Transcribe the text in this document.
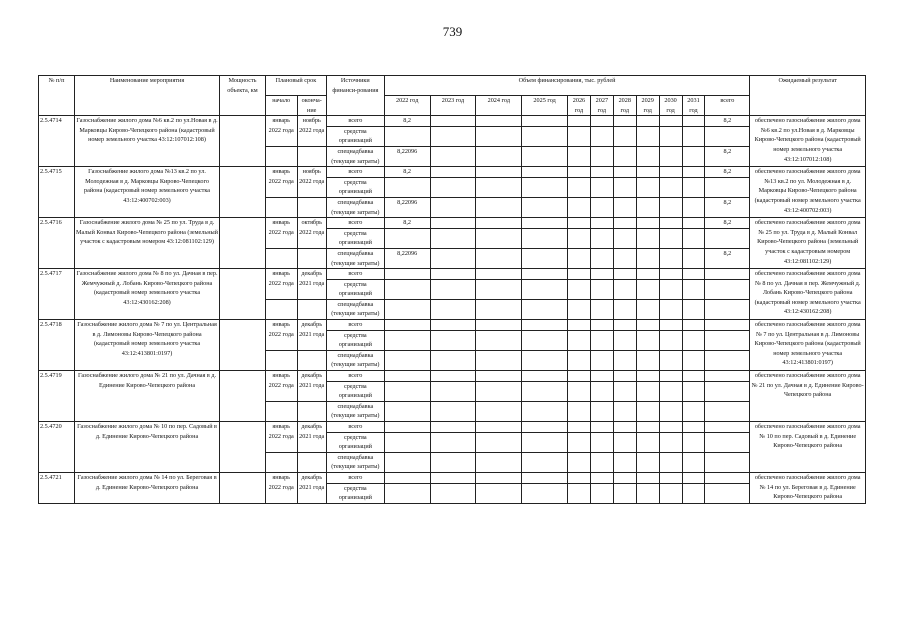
739
№ п/п	Наименование мероприятия	Мощность объекта, км	Плановый срок		Источники финанси-рования	Объем финансирования, тыс. рублей											Ожидаемый результат
			начало	оконча-ние		2022 год	2023 год	2024 год	2025 год	2026 год	2027 год	2028 год	2029 год	2030 год	2031 год	всего	
2.5.4714	Газоснабжение жилого дома №6 кв.2 по ул.Новая в д. Марковцы Кирово-Чепецкого района (кадастровый номер земельного участка 43:12:107012:108)		январь 2022 года	ноябрь 2022 года	всего	8,2										8,2	обеспечено газоснабжение жилого дома №6 кв.2 по ул.Новая в д. Марковцы Кирово-Чепецкого района (кадастровый номер земельного участка 43:12:107012:108)
					средства организаций												

					спецнадбавка (текущие затраты)	8,22096										8,2	

2.5.4715	Газоснабжение жилого дома №13 кв.2 по ул. Молодежная в д. Марковцы Кирово-Чепецкого района (кадастровый номер земельного участка 43:12:400702:003)		январь 2022 года	ноябрь 2022 года	всего	8,2										8,2	обеспечено газоснабжение жилого дома №13 кв.2 по ул. Молодежная в д. Марковцы Кирово-Чепецкого района (кадастровый номер земельного участка 43:12:400702:003)
					средства организаций												

					спецнадбавка (текущие затраты)	8,22096										8,2	

2.5.4716	Газоснабжение жилого дома № 25 по ул. Труда в д. Малый Конвал Кирово-Чепецкого района (земельный участок с кадастровым номером 43:12:081102:129)		январь 2022 года	октябрь 2022 года	всего	8,2										8,2	обеспечено газоснабжение жилого дома № 25 по ул. Труда в д. Малый Конвал Кирово-Чепецкого района (земельный участок с кадастровым номером 43:12:081102:129)
					средства организаций												

					спецнадбавка (текущие затраты)	8,22096										8,2	

2.5.4717	Газоснабжение жилого дома № 8 по ул. Дачная в пер. Жемчужный д. Лобань Кирово-Чепецкого района (кадастровый номер земельного участка 43:12:430162:208)		январь 2022 года	декабрь 2021 года	всего												обеспечено газоснабжение жилого дома № 8 по ул. Дачная в пер. Жемчужный д. Лобань Кирово-Чепецкого района (кадастровый номер земельного участка 43:12:430162:208)
					средства организаций												

					спецнадбавка (текущие затраты)												

2.5.4718	Газоснабжение жилого дома № 7 по ул. Центральная в д. Лимоновы Кирово-Чепецкого района (кадастровый номер земельного участка 43:12:413801:0197)		январь 2022 года	декабрь 2021 года	всего												обеспечено газоснабжение жилого дома № 7 по ул. Центральная в д. Лимоновы Кирово-Чепецкого района (кадастровый номер земельного участка 43:12:413801:0197)
					средства организаций												

					спецнадбавка (текущие затраты)												

2.5.4719	Газоснабжение жилого дома № 21 по ул. Дачная в д. Единение Кирово-Чепецкого района		январь 2022 года	декабрь 2021 года	всего												обеспечено газоснабжение жилого дома № 21 по ул. Дачная в д. Единение Кирово-Чепецкого района
					средства организаций												

					спецнадбавка (текущие затраты)												

2.5.4720	Газоснабжение жилого дома № 10 по пер. Садовый в д. Единение Кирово-Чепецкого района		январь 2022 года	декабрь 2021 года	всего												обеспечено газоснабжение жилого дома № 10 по пер. Садовый в д. Единение Кирово-Чепецкого района
					средства организаций												

					спецнадбавка (текущие затраты)												

2.5.4721	Газоснабжение жилого дома № 14 по ул. Береговая в д. Единение Кирово-Чепецкого района		январь 2022 года	декабрь 2021 года	всего												обеспечено газоснабжение жилого дома № 14 по ул. Береговая в д. Единение Кирово-Чепецкого района
					средства организаций												
